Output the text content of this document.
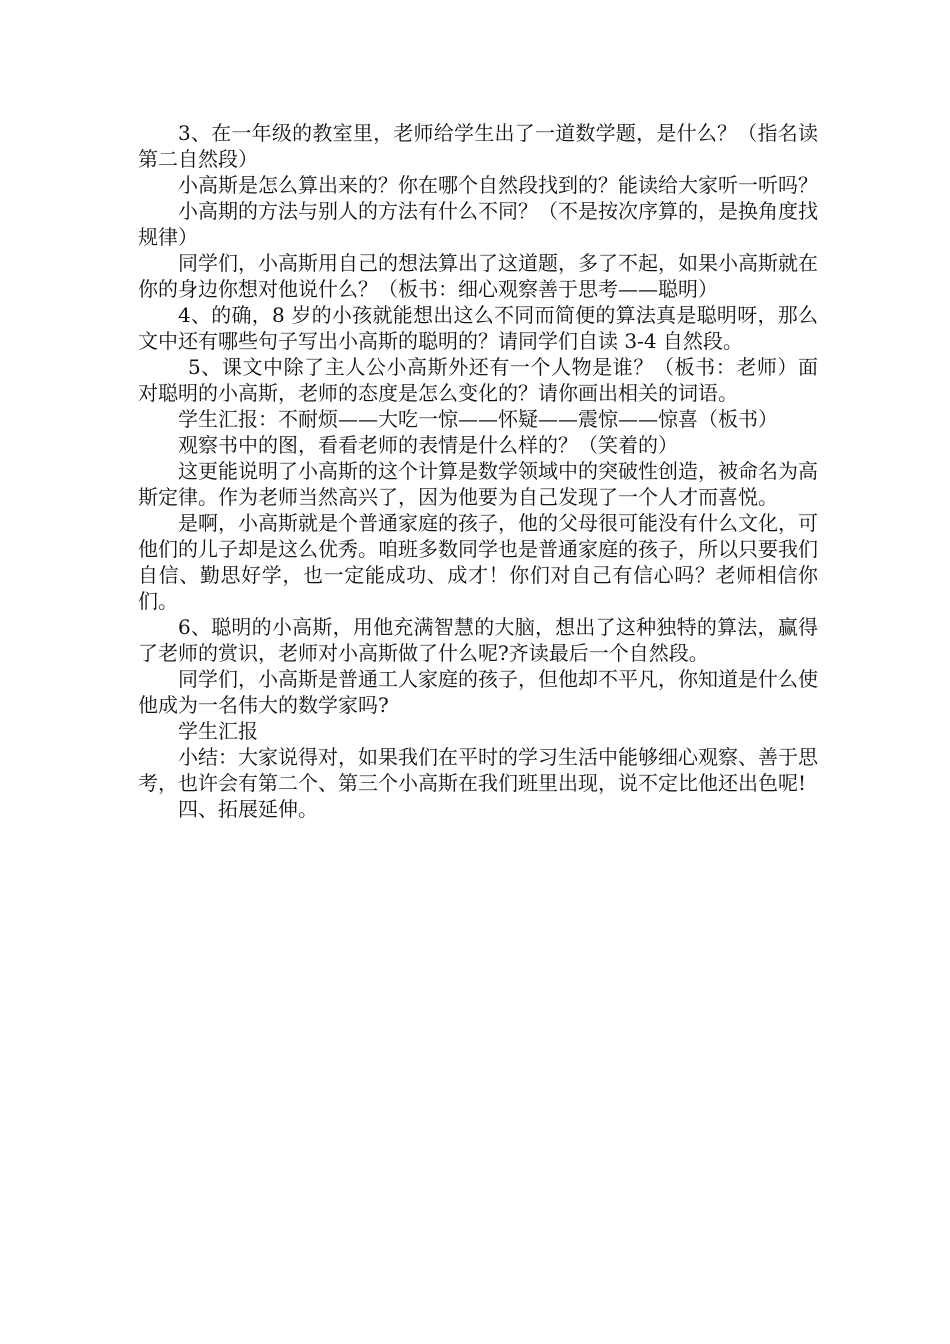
3、在一年级的教室里，老师给学生出了一道数学题，是什么？（指名读第二自然段）

小高斯是怎么算出来的？你在哪个自然段找到的？能读给大家听一听吗？

小高期的方法与别人的方法有什么不同？（不是按次序算的，是换角度找规律）

同学们，小高斯用自己的想法算出了这道题，多了不起，如果小高斯就在你的身边你想对他说什么？（板书：细心观察善于思考——聪明）

4、的确，8 岁的小孩就能想出这么不同而简便的算法真是聪明呀，那么文中还有哪些句子写出小高斯的聪明的？请同学们自读 3-4 自然段。

5、课文中除了主人公小高斯外还有一个人物是谁？（板书：老师）面对聪明的小高斯，老师的态度是怎么变化的？请你画出相关的词语。

学生汇报：不耐烦——大吃一惊——怀疑——震惊——惊喜（板书）

观察书中的图，看看老师的表情是什么样的？（笑着的）

这更能说明了小高斯的这个计算是数学领域中的突破性创造，被命名为高斯定律。作为老师当然高兴了，因为他要为自己发现了一个人才而喜悦。

是啊，小高斯就是个普通家庭的孩子，他的父母很可能没有什么文化，可他们的儿子却是这么优秀。咱班多数同学也是普通家庭的孩子，所以只要我们自信、勤思好学，也一定能成功、成才！你们对自己有信心吗？老师相信你们。

6、聪明的小高斯，用他充满智慧的大脑，想出了这种独特的算法，赢得了老师的赏识，老师对小高斯做了什么呢?齐读最后一个自然段。

同学们，小高斯是普通工人家庭的孩子，但他却不平凡，你知道是什么使他成为一名伟大的数学家吗?

学生汇报

小结：大家说得对，如果我们在平时的学习生活中能够细心观察、善于思考，也许会有第二个、第三个小高斯在我们班里出现，说不定比他还出色呢!

四、拓展延伸。
